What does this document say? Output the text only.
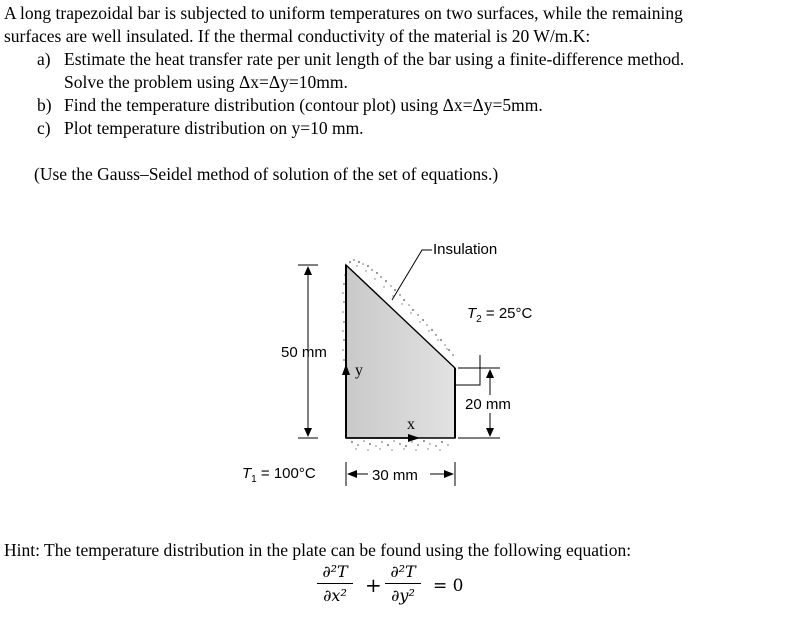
A long trapezoidal bar is subjected to uniform temperatures on two surfaces, while the remaining
surfaces are well insulated. If the thermal conductivity of the material is 20 W/m.K:
a) Estimate the heat transfer rate per unit length of the bar using a finite-difference method.
Solve the problem using Δx=Δy=10mm.
b) Find the temperature distribution (contour plot) using Δx=Δy=5mm.
c) Plot temperature distribution on y=10 mm.
(Use the Gauss–Seidel method of solution of the set of equations.)
Insulation
$T_2 = 25^\circ C$
50 mm
y
20 mm
x
$T_1 = 100^\circ C$	30 mm
Hint: The temperature distribution in the plate can be found using the following equation:
∂²T
∂x² +
∂²T
∂y²	= 0
